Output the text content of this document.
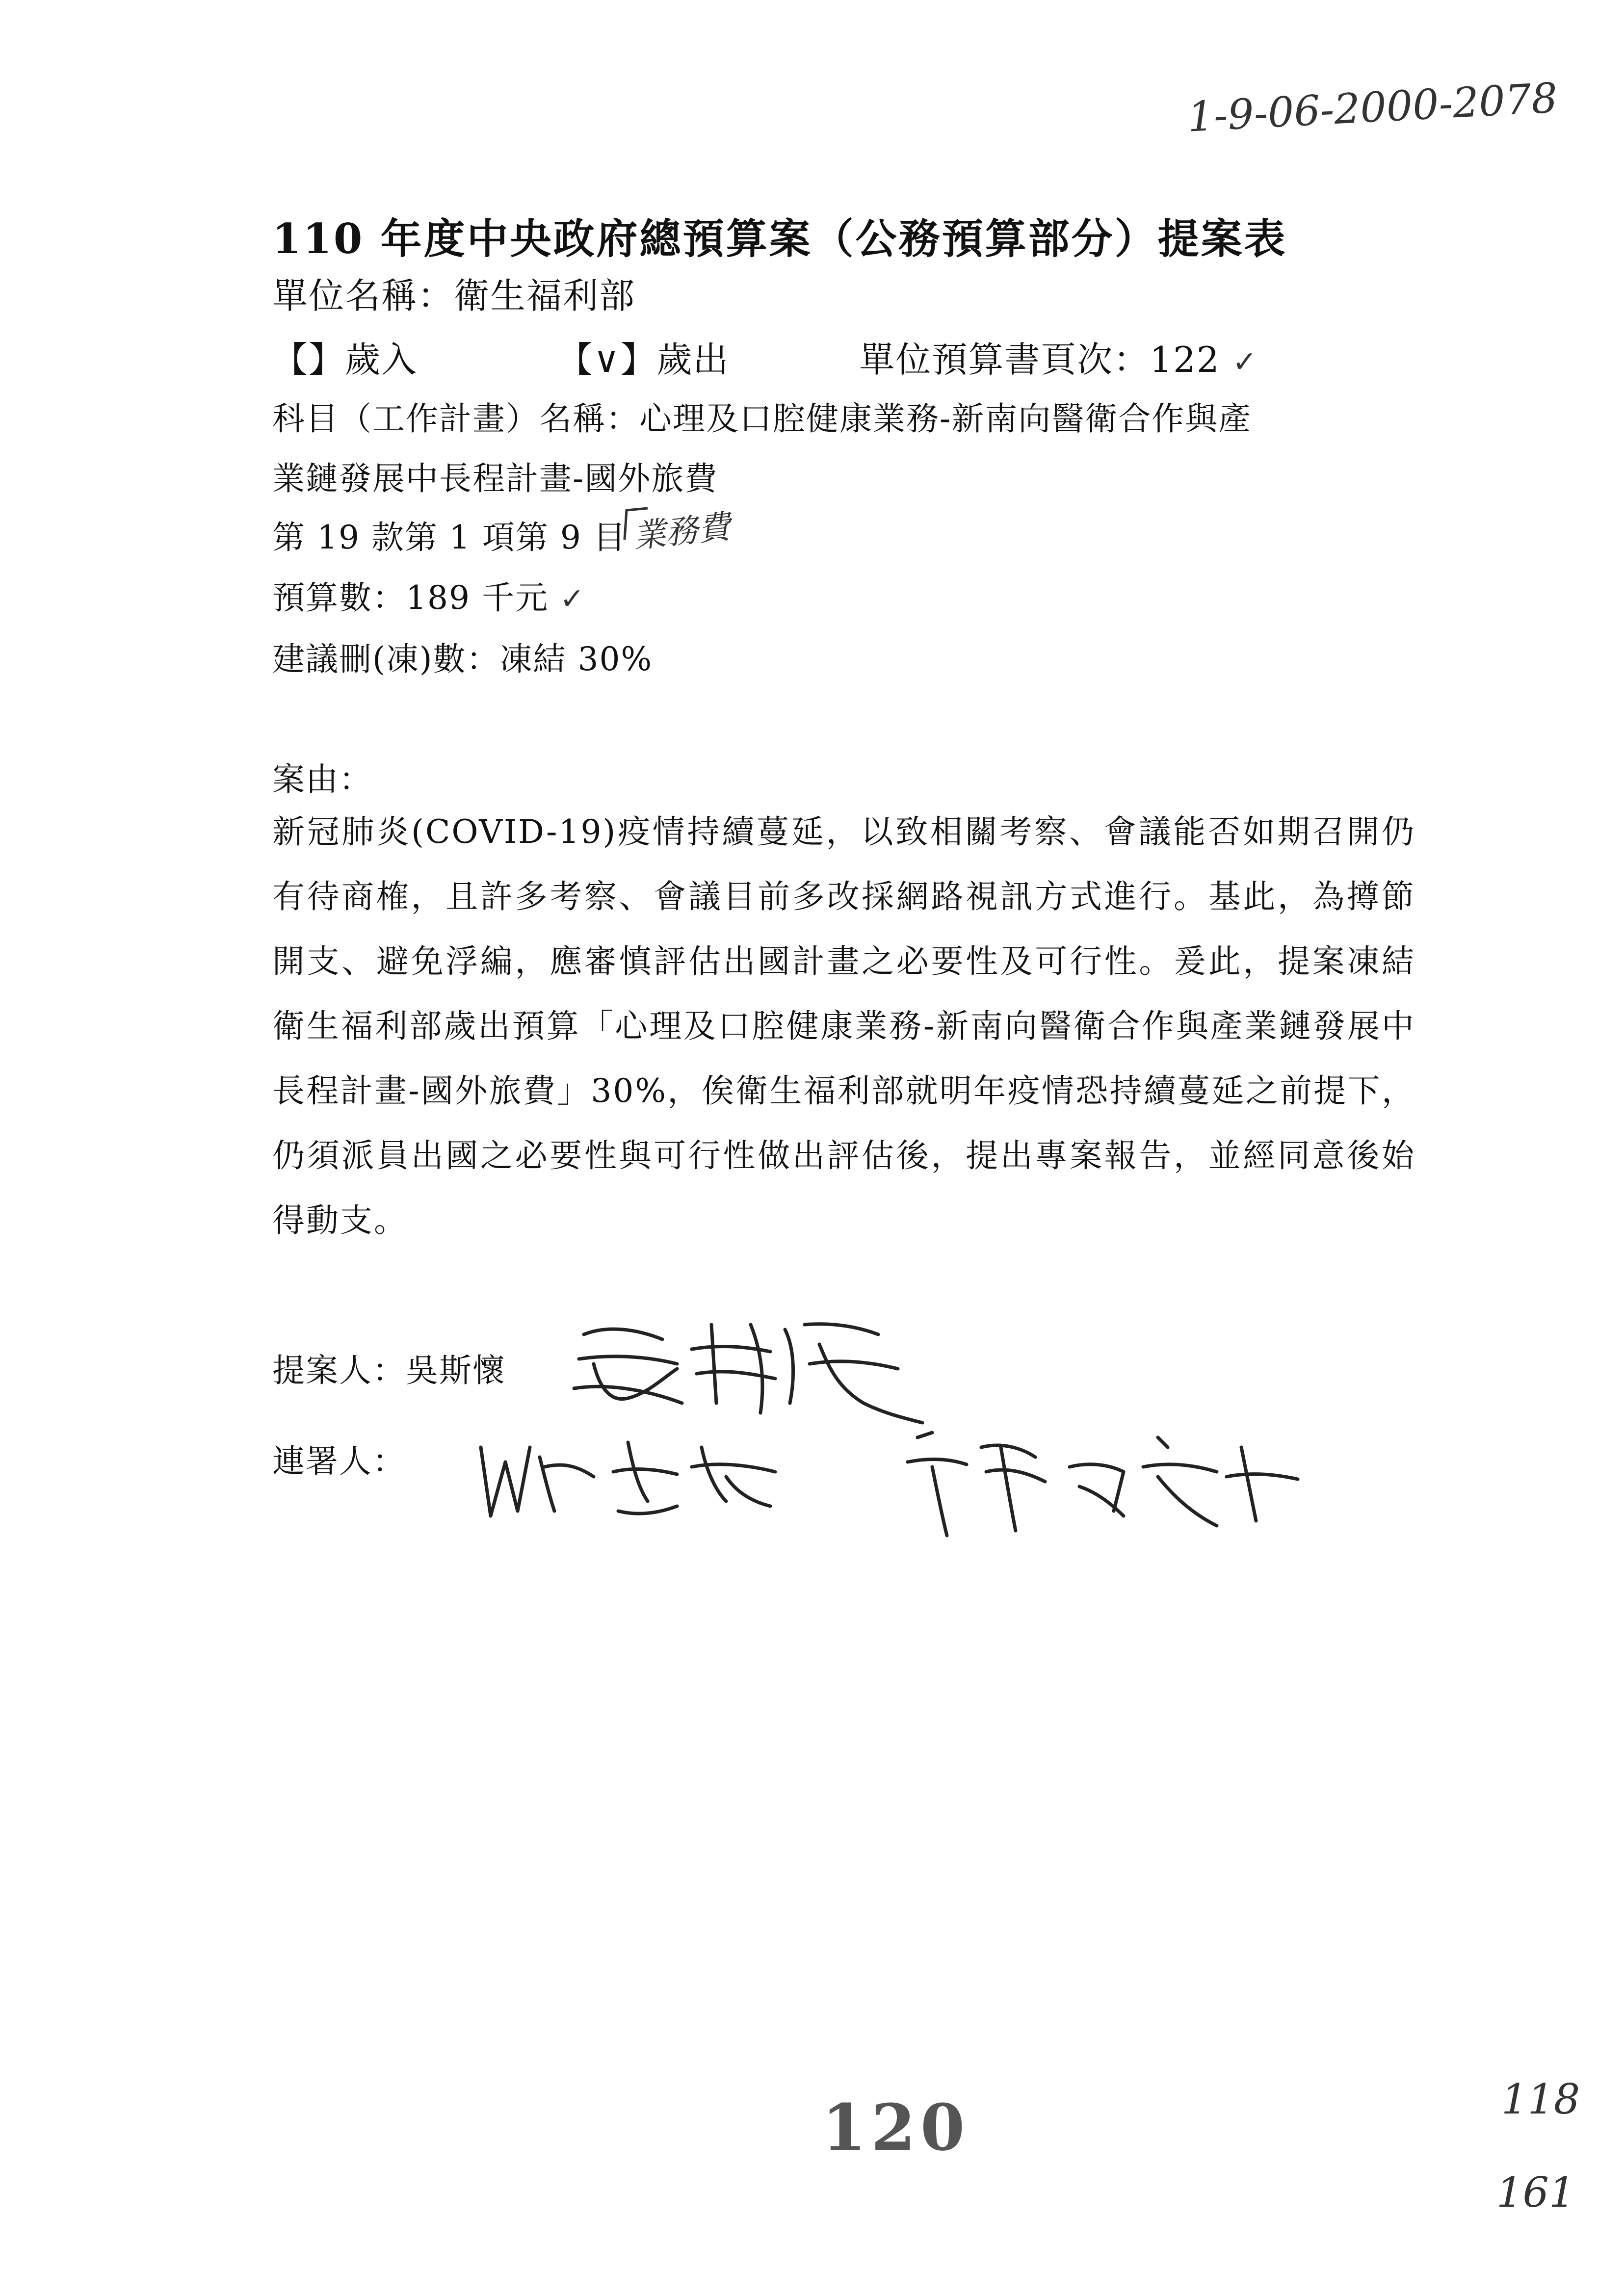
1-9-06-2000-2078
110 年度中央政府總預算案（公務預算部分）提案表
單位名稱：衛生福利部
【】歲入	【∨】歲出	單位預算書頁次：122 ✓
科目（工作計畫）名稱：心理及口腔健康業務-新南向醫衛合作與產
業鏈發展中長程計畫-國外旅費
第 19 款第 1 項第 9 目 業務費
預算數：189 千元 ✓
建議刪(凍)數：凍結 30%
案由：
新冠肺炎(COVID-19)疫情持續蔓延，以致相關考察、會議能否如期召開仍有待商榷，且許多考察、會議目前多改採網路視訊方式進行。基此，為撙節開支、避免浮編，應審慎評估出國計畫之必要性及可行性。爰此，提案凍結衛生福利部歲出預算「心理及口腔健康業務-新南向醫衛合作與產業鏈發展中長程計畫-國外旅費」30%，俟衛生福利部就明年疫情恐持續蔓延之前提下，仍須派員出國之必要性與可行性做出評估後，提出專案報告，並經同意後始得動支。
提案人：吳斯懷
連署人：
120	118
161
